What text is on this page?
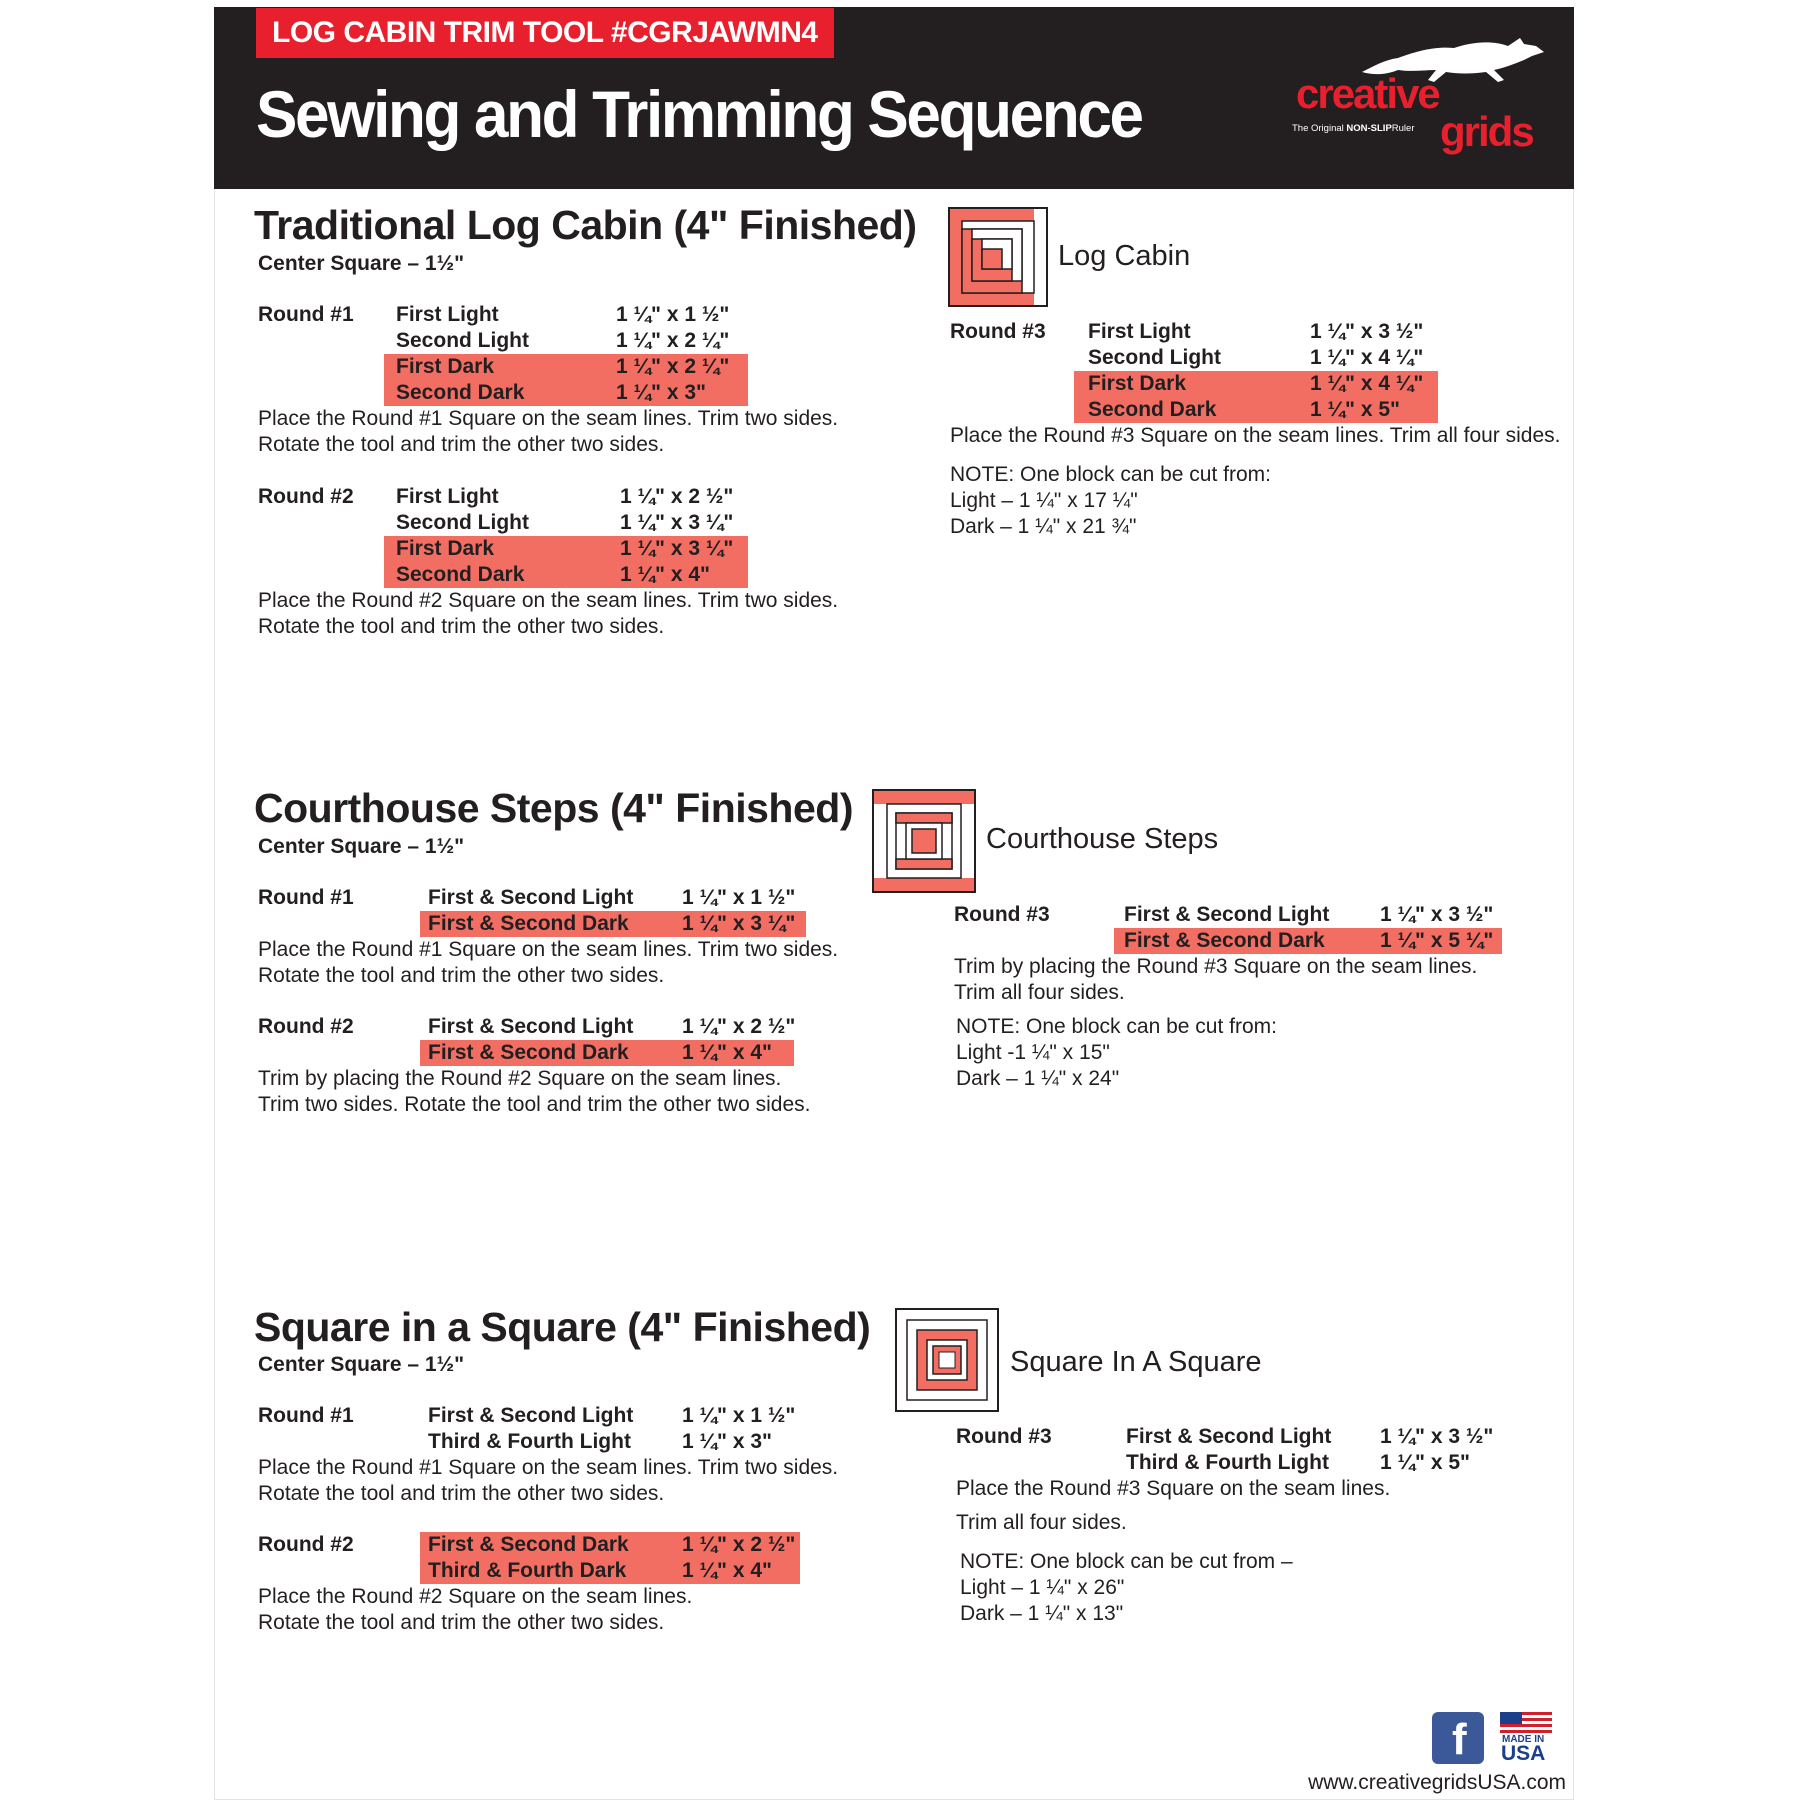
LOG CABIN TRIM TOOL #CGRJAWMN4
Sewing and Trimming Sequence	creative
grids
The Original NON-SLIPRuler
Traditional Log Cabin (4" Finished)
Center Square – 1½"	Log Cabin
Round #1 First Light	1 ¼" x 1 ½"
Second Light	1 ¼" x 2 ¼"
First Dark	1 ¼" x 2 ¼"
Second Dark	1 ¼" x 3"
Place the Round #1 Square on the seam lines. Trim two sides.
Rotate the tool and trim the other two sides.
Round #2 First Light	1 ¼" x 2 ½"
Second Light	1 ¼" x 3 ¼"
First Dark	1 ¼" x 3 ¼"
Second Dark	1 ¼" x 4"
Place the Round #2 Square on the seam lines. Trim two sides.
Rotate the tool and trim the other two sides.
Round #3 First Light	1 ¼" x 3 ½"
Second Light	1 ¼" x 4 ¼"
First Dark	1 ¼" x 4 ¼"
Second Dark	1 ¼" x 5"
Place the Round #3 Square on the seam lines. Trim all four sides.
NOTE: One block can be cut from:
Light – 1 ¼" x 17 ¼"
Dark – 1 ¼" x 21 ¾"
Courthouse Steps (4" Finished)
Center Square – 1½"	Courthouse Steps
Round #1	First & Second Light 1 ¼" x 1 ½"
First & Second Dark	1 ¼" x 3 ¼"
Place the Round #1 Square on the seam lines. Trim two sides.
Rotate the tool and trim the other two sides.
Round #2	First & Second Light 1 ¼" x 2 ½"
First & Second Dark	1 ¼" x 4"
Trim by placing the Round #2 Square on the seam lines.
Trim two sides. Rotate the tool and trim the other two sides.
Round #3	First & Second Light 1 ¼" x 3 ½"
First & Second Dark	1 ¼" x 5 ¼"
Trim by placing the Round #3 Square on the seam lines.
Trim all four sides.
NOTE: One block can be cut from:
Light -1 ¼" x 15"
Dark – 1 ¼" x 24"
Square in a Square (4" Finished)
Center Square – 1½"	Square In A Square
Round #1	First & Second Light 1 ¼" x 1 ½"
Third & Fourth Light 1 ¼" x 3"
Place the Round #1 Square on the seam lines. Trim two sides.
Rotate the tool and trim the other two sides.
Round #2	First & Second Dark	1 ¼" x 2 ½"
Third & Fourth Dark	1 ¼" x 4"
Place the Round #2 Square on the seam lines.
Rotate the tool and trim the other two sides.
Round #3	First & Second Light 1 ¼" x 3 ½"
Third & Fourth Light 1 ¼" x 5"
Place the Round #3 Square on the seam lines.
Trim all four sides.
NOTE: One block can be cut from –
Light – 1 ¼" x 26"
Dark – 1 ¼" x 13"
f	MADE IN
USA
www.creativegridsUSA.com
